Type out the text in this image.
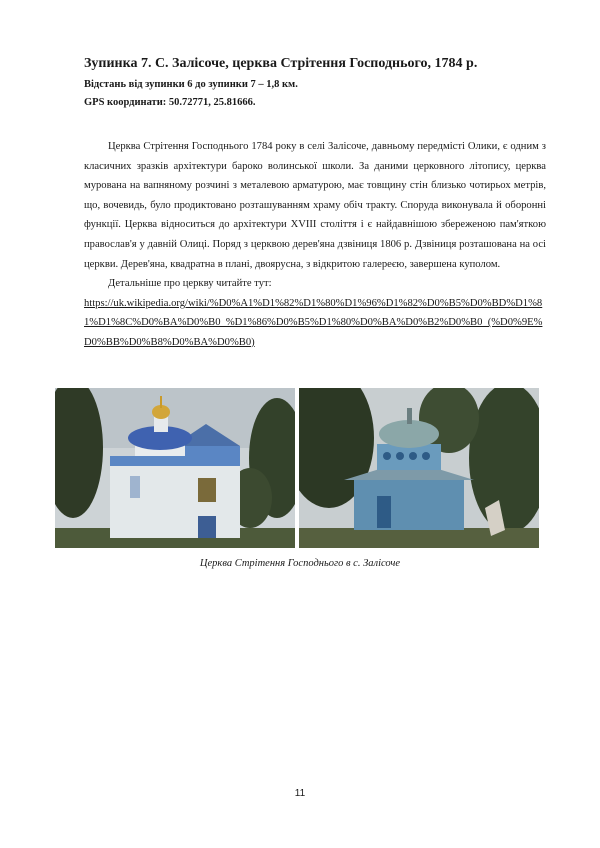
Зупинка 7. С. Залісоче, церква Стрітення Господнього, 1784 р.

Відстань від зупинки 6 до зупинки 7 – 1,8 км.

GPS координати: 50.72771, 25.81666.

Церква Стрітення Господнього 1784 року в селі Залісоче, давньому передмісті Олики, є одним з класичних зразків архітектури бароко волинської школи. За даними церковного літопису, церква мурована на вапняному розчині з металевою арматурою, має товщину стін близько чотирьох метрів, що, вочевидь, було продиктовано розташуванням храму обіч тракту. Споруда виконувала й оборонні функції. Церква відноситься до архітектури XVIII століття і є найдавнішою збереженою пам'яткою православ'я у давній Олиці. Поряд з церквою дерев'яна дзвіниця 1806 р. Дзвіниця розташована на осі церкви. Дерев'яна, квадратна в плані, двоярусна, з відкритою галереєю, завершена куполом.

Детальніше про церкву читайте тут:

https://uk.wikipedia.org/wiki/%D0%A1%D1%82%D1%80%D1%96%D1%82%D0%B5%D0%BD%D1%81%D1%8C%D0%BA%D0%B0_%D1%86%D0%B5%D1%80%D0%BA%D0%B2%D0%B0_(%D0%9E%D0%BB%D0%B8%D0%BA%D0%B0)
Церква Стрітення Господнього в с. Залісоче
11
